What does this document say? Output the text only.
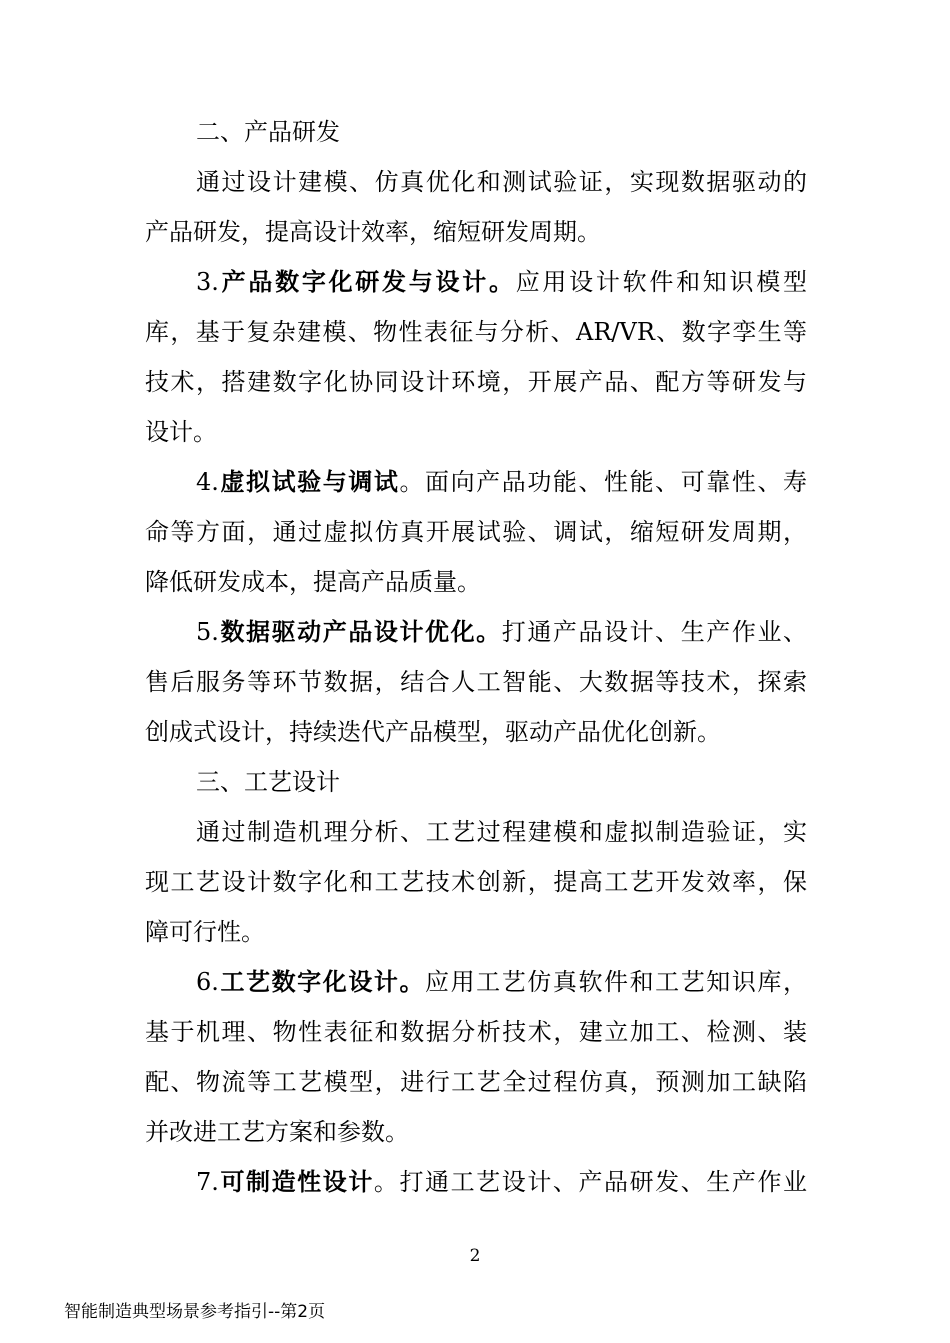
二、产品研发
通过设计建模、仿真优化和测试验证，实现数据驱动的
产品研发，提高设计效率，缩短研发周期。
3.产品数字化研发与设计。应用设计软件和知识模型
库，基于复杂建模、物性表征与分析、AR/VR、数字孪生等
技术，搭建数字化协同设计环境，开展产品、配方等研发与
设计。
4.虚拟试验与调试。面向产品功能、性能、可靠性、寿
命等方面，通过虚拟仿真开展试验、调试，缩短研发周期，
降低研发成本，提高产品质量。
5.数据驱动产品设计优化。打通产品设计、生产作业、
售后服务等环节数据，结合人工智能、大数据等技术，探索
创成式设计，持续迭代产品模型，驱动产品优化创新。
三、工艺设计
通过制造机理分析、工艺过程建模和虚拟制造验证，实
现工艺设计数字化和工艺技术创新，提高工艺开发效率，保
障可行性。
6.工艺数字化设计。应用工艺仿真软件和工艺知识库，
基于机理、物性表征和数据分析技术，建立加工、检测、装
配、物流等工艺模型，进行工艺全过程仿真，预测加工缺陷
并改进工艺方案和参数。
7.可制造性设计。打通工艺设计、产品研发、生产作业
2
智能制造典型场景参考指引--第2页
